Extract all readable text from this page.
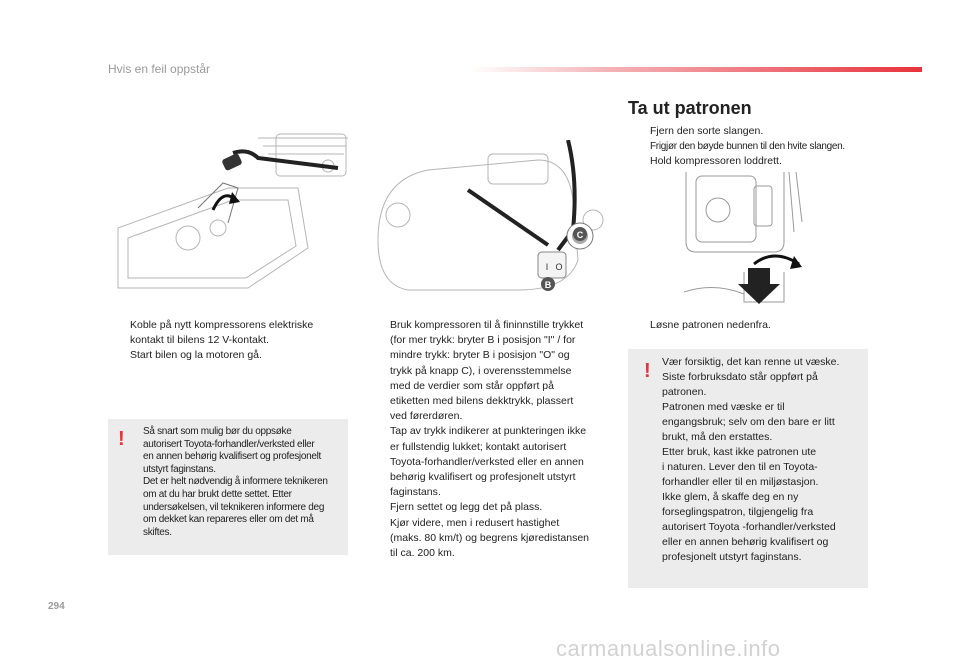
Hvis en feil oppstår
C
I O
B
Koble på nytt kompressorens elektriske
kontakt til bilens 12 V-kontakt.
Start bilen og la motoren gå.
! Så snart som mulig bør du oppsøke
autorisert Toyota-forhandler/verksted eller
en annen behørig kvalifisert og profesjonelt
utstyrt faginstans.
Det er helt nødvendig å informere teknikeren
om at du har brukt dette settet. Etter
undersøkelsen, vil teknikeren informere deg
om dekket kan repareres eller om det må
skiftes.
Bruk kompressoren til å fininnstille trykket
(for mer trykk: bryter B i posisjon "I" / for
mindre trykk: bryter B i posisjon "O" og
trykk på knapp C), i overensstemmelse
med de verdier som står oppført på
etiketten med bilens dekktrykk, plassert
ved førerdøren.
Tap av trykk indikerer at punkteringen ikke
er fullstendig lukket; kontakt autorisert
Toyota-forhandler/verksted eller en annen
behørig kvalifisert og profesjonelt utstyrt
faginstans.
Fjern settet og legg det på plass.
Kjør videre, men i redusert hastighet
(maks. 80 km/t) og begrens kjøredistansen
til ca. 200 km.
Ta ut patronen
Fjern den sorte slangen.
Frigjør den bøyde bunnen til den hvite slangen.
Hold kompressoren loddrett.
Løsne patronen nedenfra.
! Vær forsiktig, det kan renne ut væske.
Siste forbruksdato står oppført på
patronen.
Patronen med væske er til
engangsbruk; selv om den bare er litt
brukt, må den erstattes.
Etter bruk, kast ikke patronen ute
i naturen. Lever den til en Toyota-
forhandler eller til en miljøstasjon.
Ikke glem, å skaffe deg en ny
forseglingspatron, tilgjengelig fra
autorisert Toyota -forhandler/verksted
eller en annen behørig kvalifisert og
profesjonelt utstyrt faginstans.
294
carmanualsonline.info
